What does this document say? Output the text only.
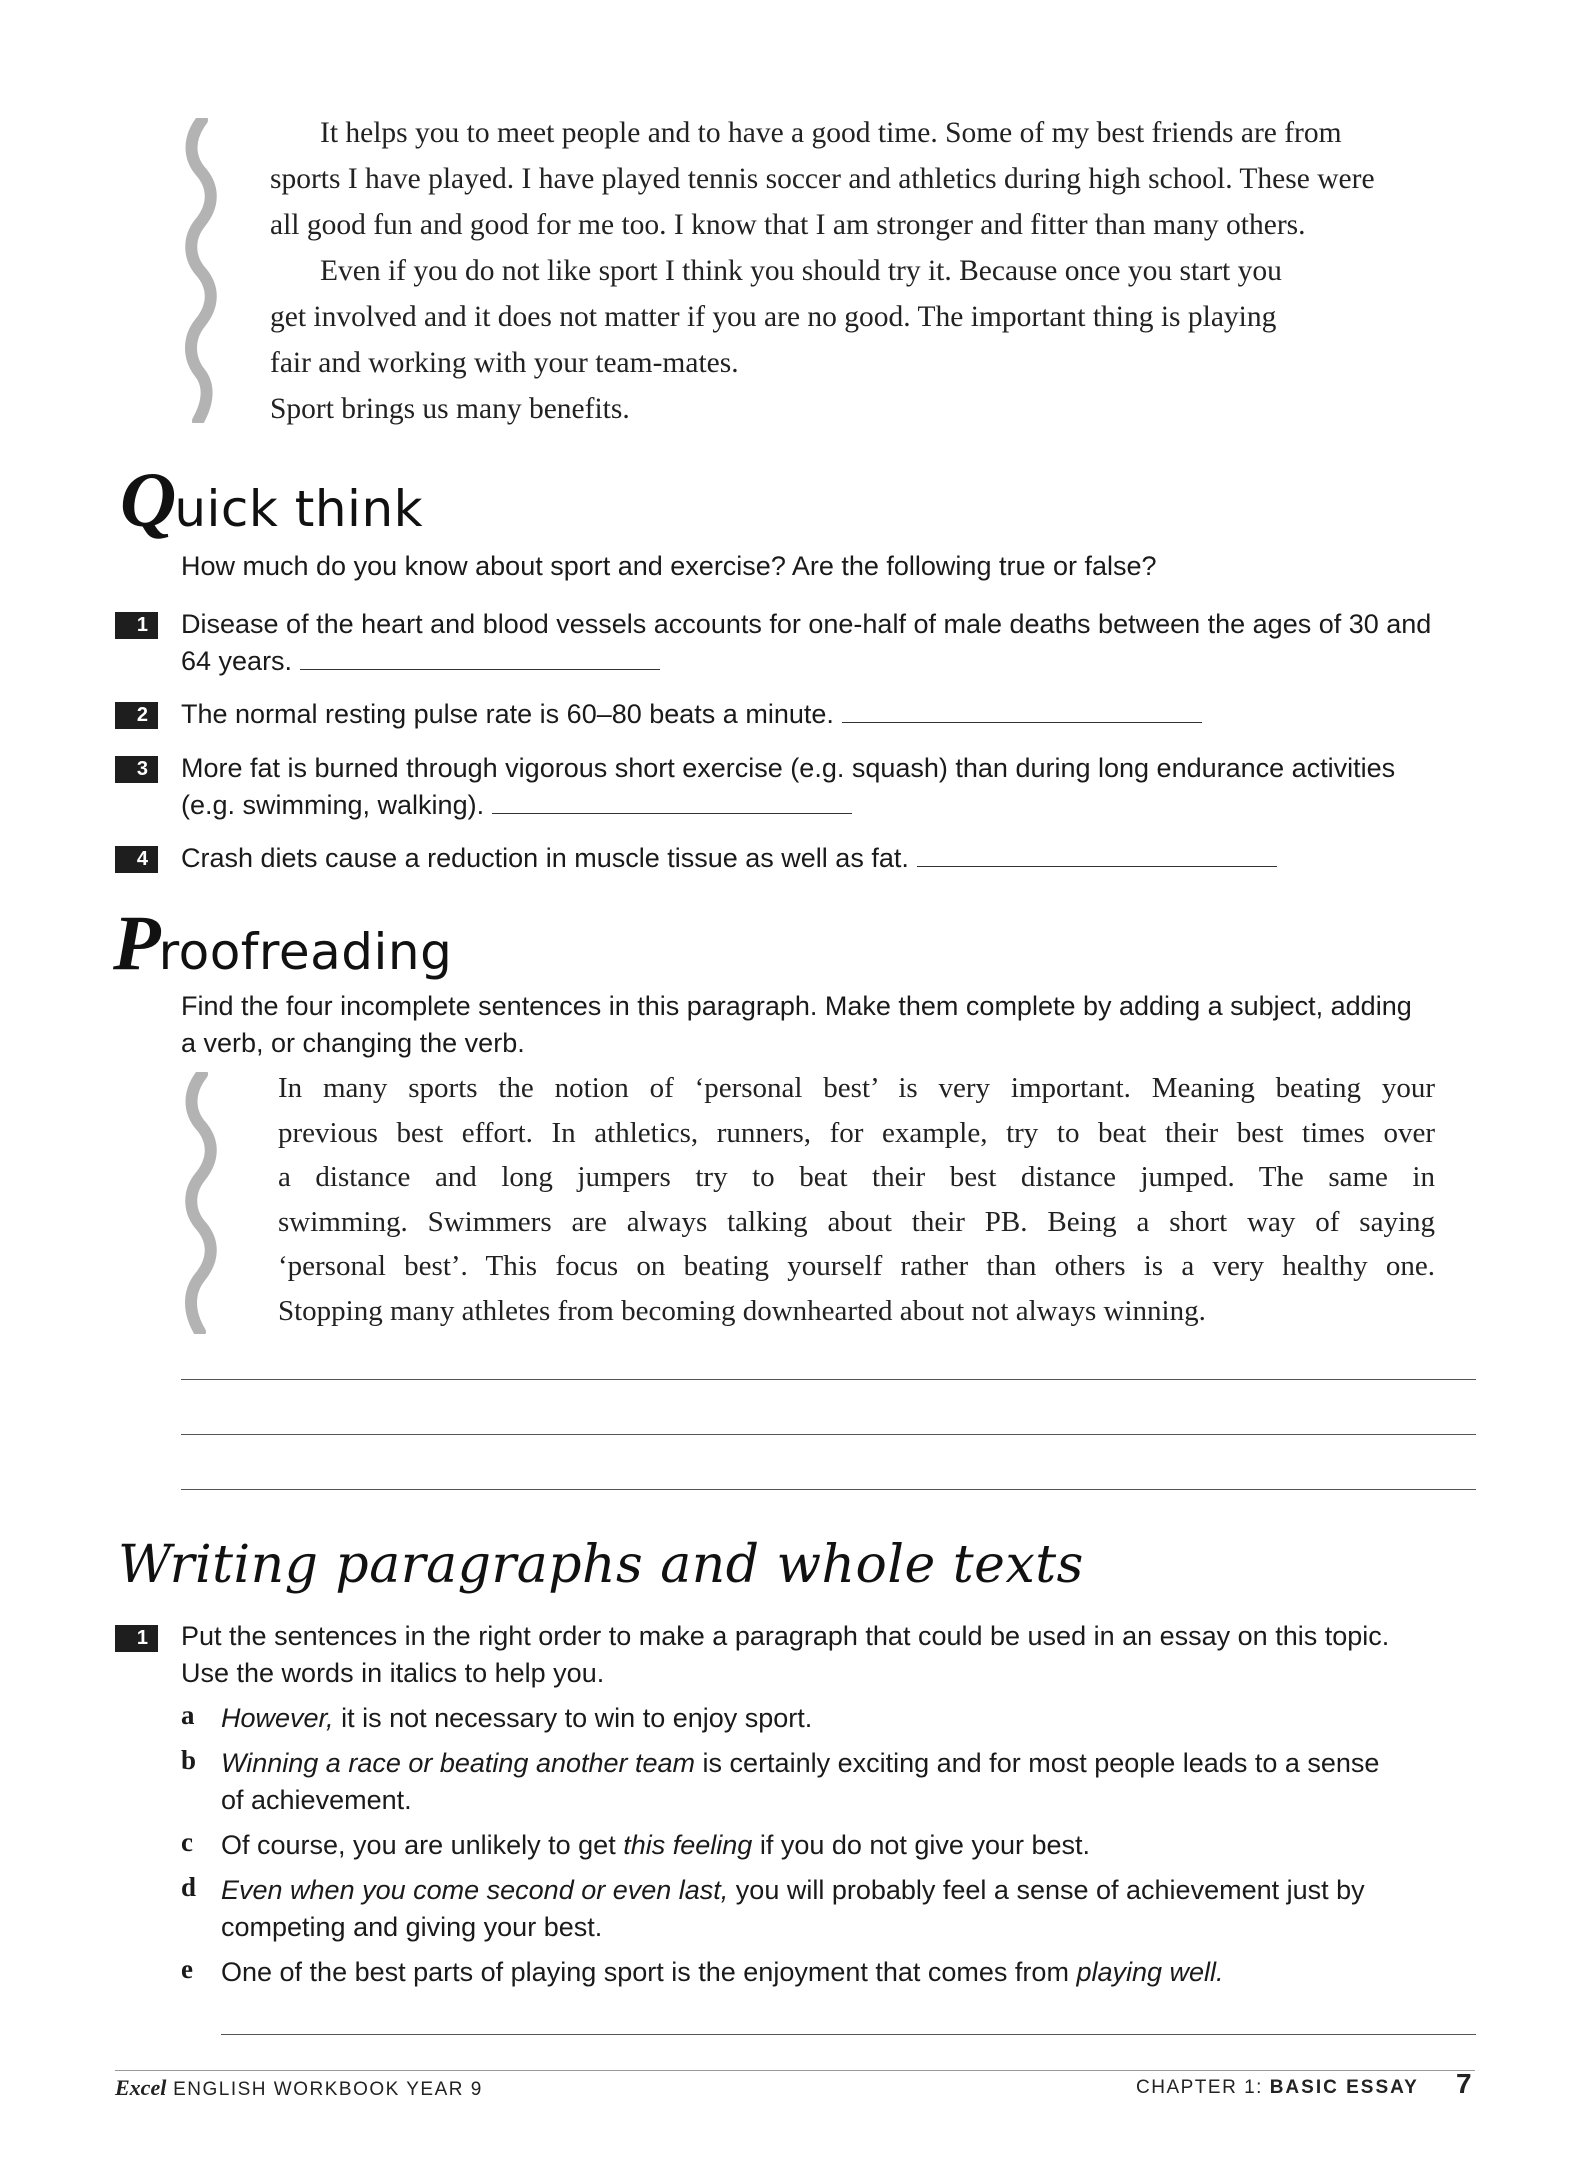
It helps you to meet people and to have a good time. Some of my best friends are from

sports I have played. I have played tennis soccer and athletics during high school. These were

all good fun and good for me too. I know that I am stronger and fitter than many others.

Even if you do not like sport I think you should try it. Because once you start you

get involved and it does not matter if you are no good. The important thing is playing

fair and working with your team-mates.

Sport brings us many benefits.

Quick think
How much do you know about sport and exercise? Are the following true or false?
1	Disease of the heart and blood vessels accounts for one-half of male deaths between the ages of 30 and
64 years.
2	The normal resting pulse rate is 60–80 beats a minute.
3	More fat is burned through vigorous short exercise (e.g. squash) than during long endurance activities
(e.g. swimming, walking).
4	Crash diets cause a reduction in muscle tissue as well as fat.
Proofreading
Find the four incomplete sentences in this paragraph. Make them complete by adding a subject, adding
a verb, or changing the verb.

In many sports the notion of ‘personal best’ is very important. Meaning beating your

previous best effort. In athletics, runners, for example, try to beat their best times over

a distance and long jumpers try to beat their best distance jumped. The same in

swimming. Swimmers are always talking about their PB. Being a short way of saying

‘personal best’. This focus on beating yourself rather than others is a very healthy one.

Stopping many athletes from becoming downhearted about not always winning.

Writing paragraphs and whole texts
1	Put the sentences in the right order to make a paragraph that could be used in an essay on this topic.
Use the words in italics to help you.
a However, it is not necessary to win to enjoy sport.
b Winning a race or beating another team is certainly exciting and for most people leads to a sense
of achievement.
c Of course, you are unlikely to get this feeling if you do not give your best.
d Even when you come second or even last, you will probably feel a sense of achievement just by
competing and giving your best.
e One of the best parts of playing sport is the enjoyment that comes from playing well.
Excel ENGLISH WORKBOOK YEAR 9	CHAPTER 1: BASIC ESSAY 7
